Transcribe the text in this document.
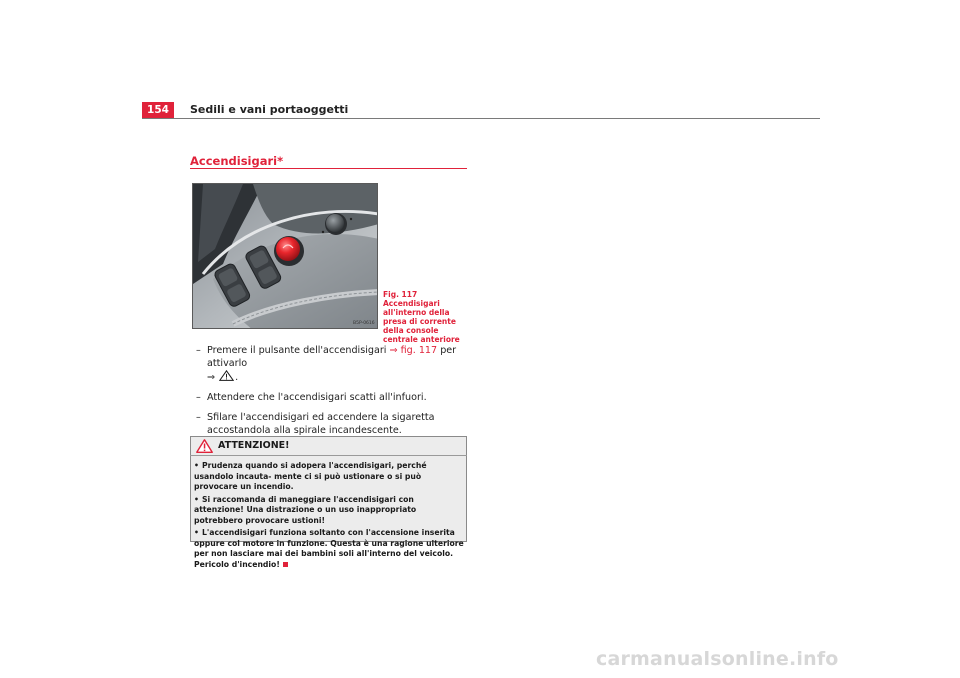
154	Sedili e vani portaoggetti
Accendisigari*
B5P-0616
Fig. 117 Accendisigari all'interno della presa di corrente della console centrale anteriore
– Premere il pulsante dell'accendisigari ⇒ fig. 117 per attivarlo
⇒ .
– Attendere che l'accendisigari scatti all'infuori.
– Sfilare l'accendisigari ed accendere la sigaretta accostandola alla spirale incandescente.
ATTENZIONE!
• Prudenza quando si adopera l'accendisigari, perché usandolo incauta- mente ci si può ustionare o si può provocare un incendio.
• Si raccomanda di maneggiare l'accendisigari con attenzione! Una distrazione o un uso inappropriato potrebbero provocare ustioni!
• L'accendisigari funziona soltanto con l'accensione inserita oppure col motore in funzione. Questa è una ragione ulteriore per non lasciare mai dei bambini soli all'interno del veicolo. Pericolo d'incendio!
carmanualsonline.info
